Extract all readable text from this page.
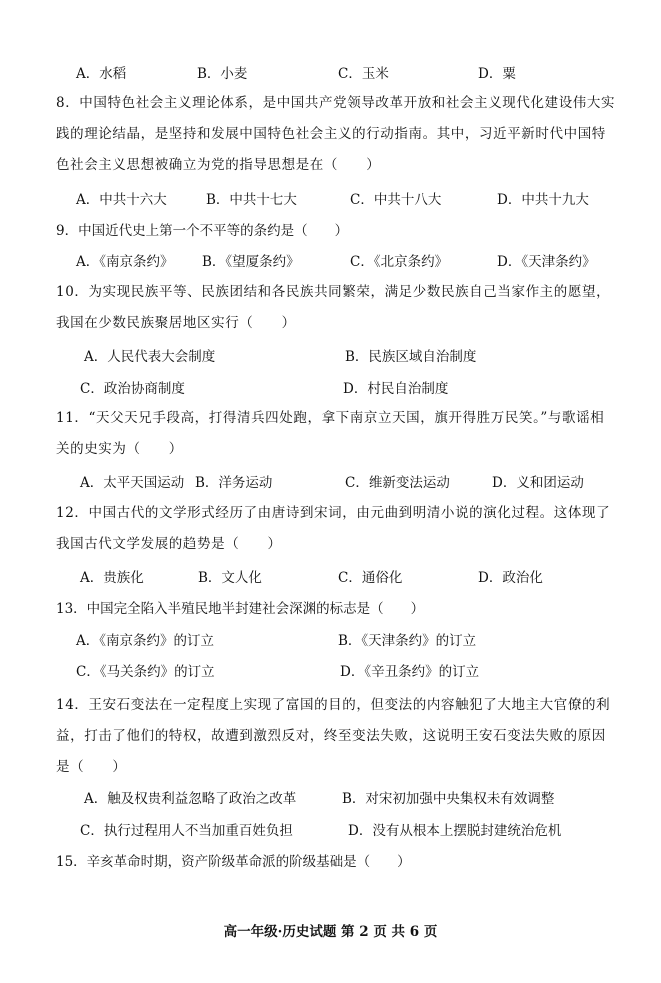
A．水稻	B．小麦	C．玉米	D．粟
8．中国特色社会主义理论体系，是中国共产党领导改革开放和社会主义现代化建设伟大实践的理论结晶，是坚持和发展中国特色社会主义的行动指南。其中，习近平新时代中国特色社会主义思想被确立为党的指导思想是在（　　）
A．中共十六大	B．中共十七大	C．中共十八大	D．中共十九大
9．中国近代史上第一个不平等的条约是（　　）
A．《南京条约》 B．《望厦条约》	C．《北京条约》	D．《天津条约》
10．为实现民族平等、民族团结和各民族共同繁荣，满足少数民族自己当家作主的愿望，我国在少数民族聚居地区实行（　　）
A．人民代表大会制度	B．民族区域自治制度
C．政治协商制度	D．村民自治制度
11．“天父天兄手段高，打得清兵四处跑，拿下南京立天国，旗开得胜万民笑。”与歌谣相关的史实为（　　）
A．太平天国运动 B．洋务运动	C．维新变法运动	D．义和团运动
12．中国古代的文学形式经历了由唐诗到宋词，由元曲到明清小说的演化过程。这体现了我国古代文学发展的趋势是（　　）
A．贵族化	B．文人化	C．通俗化	D．政治化
13．中国完全陷入半殖民地半封建社会深渊的标志是（　　）
A．《南京条约》的订立	B．《天津条约》的订立
C．《马关条约》的订立	D．《辛丑条约》的订立
14．王安石变法在一定程度上实现了富国的目的，但变法的内容触犯了大地主大官僚的利益，打击了他们的特权，故遭到激烈反对，终至变法失败，这说明王安石变法失败的原因是（　　）
A．触及权贵利益忽略了政治之改革	B．对宋初加强中央集权未有效调整
C．执行过程用人不当加重百姓负担	D．没有从根本上摆脱封建统治危机
15．辛亥革命时期，资产阶级革命派的阶级基础是（　　）
高一年级·历史试题 第 2 页 共 6 页
